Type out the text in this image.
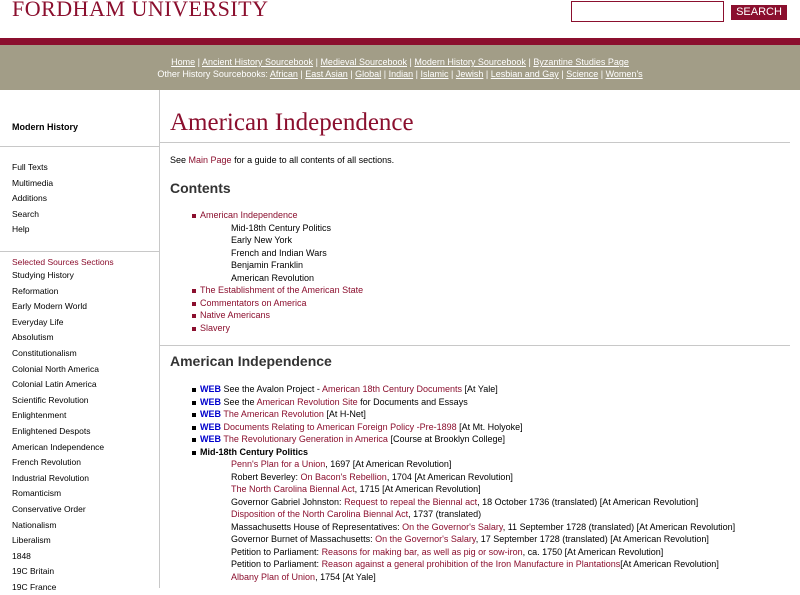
FORDHAM UNIVERSITY	SEARCH
Home | Ancient History Sourcebook | Medieval Sourcebook | Modern History Sourcebook | Byzantine Studies Page
Other History Sourcebooks: African | East Asian | Global | Indian | Islamic | Jewish | Lesbian and Gay | Science | Women's
Modern History
Full Texts
Multimedia
Additions
Search
Help
Selected Sources Sections
Studying History
Reformation
Early Modern World
Everyday Life
Absolutism
Constitutionalism
Colonial North America
Colonial Latin America
Scientific Revolution
Enlightenment
Enlightened Despots
American Independence
French Revolution
Industrial Revolution
Romanticism
Conservative Order
Nationalism
Liberalism
1848
19C Britain
19C France
American Independence
See Main Page for a guide to all contents of all sections.
Contents
American Independence
Mid-18th Century Politics
Early New York
French and Indian Wars
Benjamin Franklin
American Revolution
The Establishment of the American State
Commentators on America
Native Americans
Slavery
American Independence
WEB See the Avalon Project - American 18th Century Documents [At Yale]
WEB See the American Revolution Site for Documents and Essays
WEB The American Revolution [At H-Net]
WEB Documents Relating to American Foreign Policy -Pre-1898 [At Mt. Holyoke]
WEB The Revolutionary Generation in America [Course at Brooklyn College]
Mid-18th Century Politics
Penn's Plan for a Union, 1697 [At American Revolution]
Robert Beverley: On Bacon's Rebellion, 1704 [At American Revolution]
The North Carolina Biennal Act, 1715 [At American Revolution]
Governor Gabriel Johnston: Request to repeal the Biennal act, 18 October 1736 (translated) [At American Revolution]
Disposition of the North Carolina Biennal Act, 1737 (translated)
Massachusetts House of Representatives: On the Governor's Salary, 11 September 1728 (translated) [At American Revolution]
Governor Burnet of Massachusetts: On the Governor's Salary, 17 September 1728 (translated) [At American Revolution]
Petition to Parliament: Reasons for making bar, as well as pig or sow-iron, ca. 1750 [At American Revolution]
Petition to Parliament: Reason against a general prohibition of the Iron Manufacture in Plantations[At American Revolution]
Albany Plan of Union, 1754 [At Yale]
